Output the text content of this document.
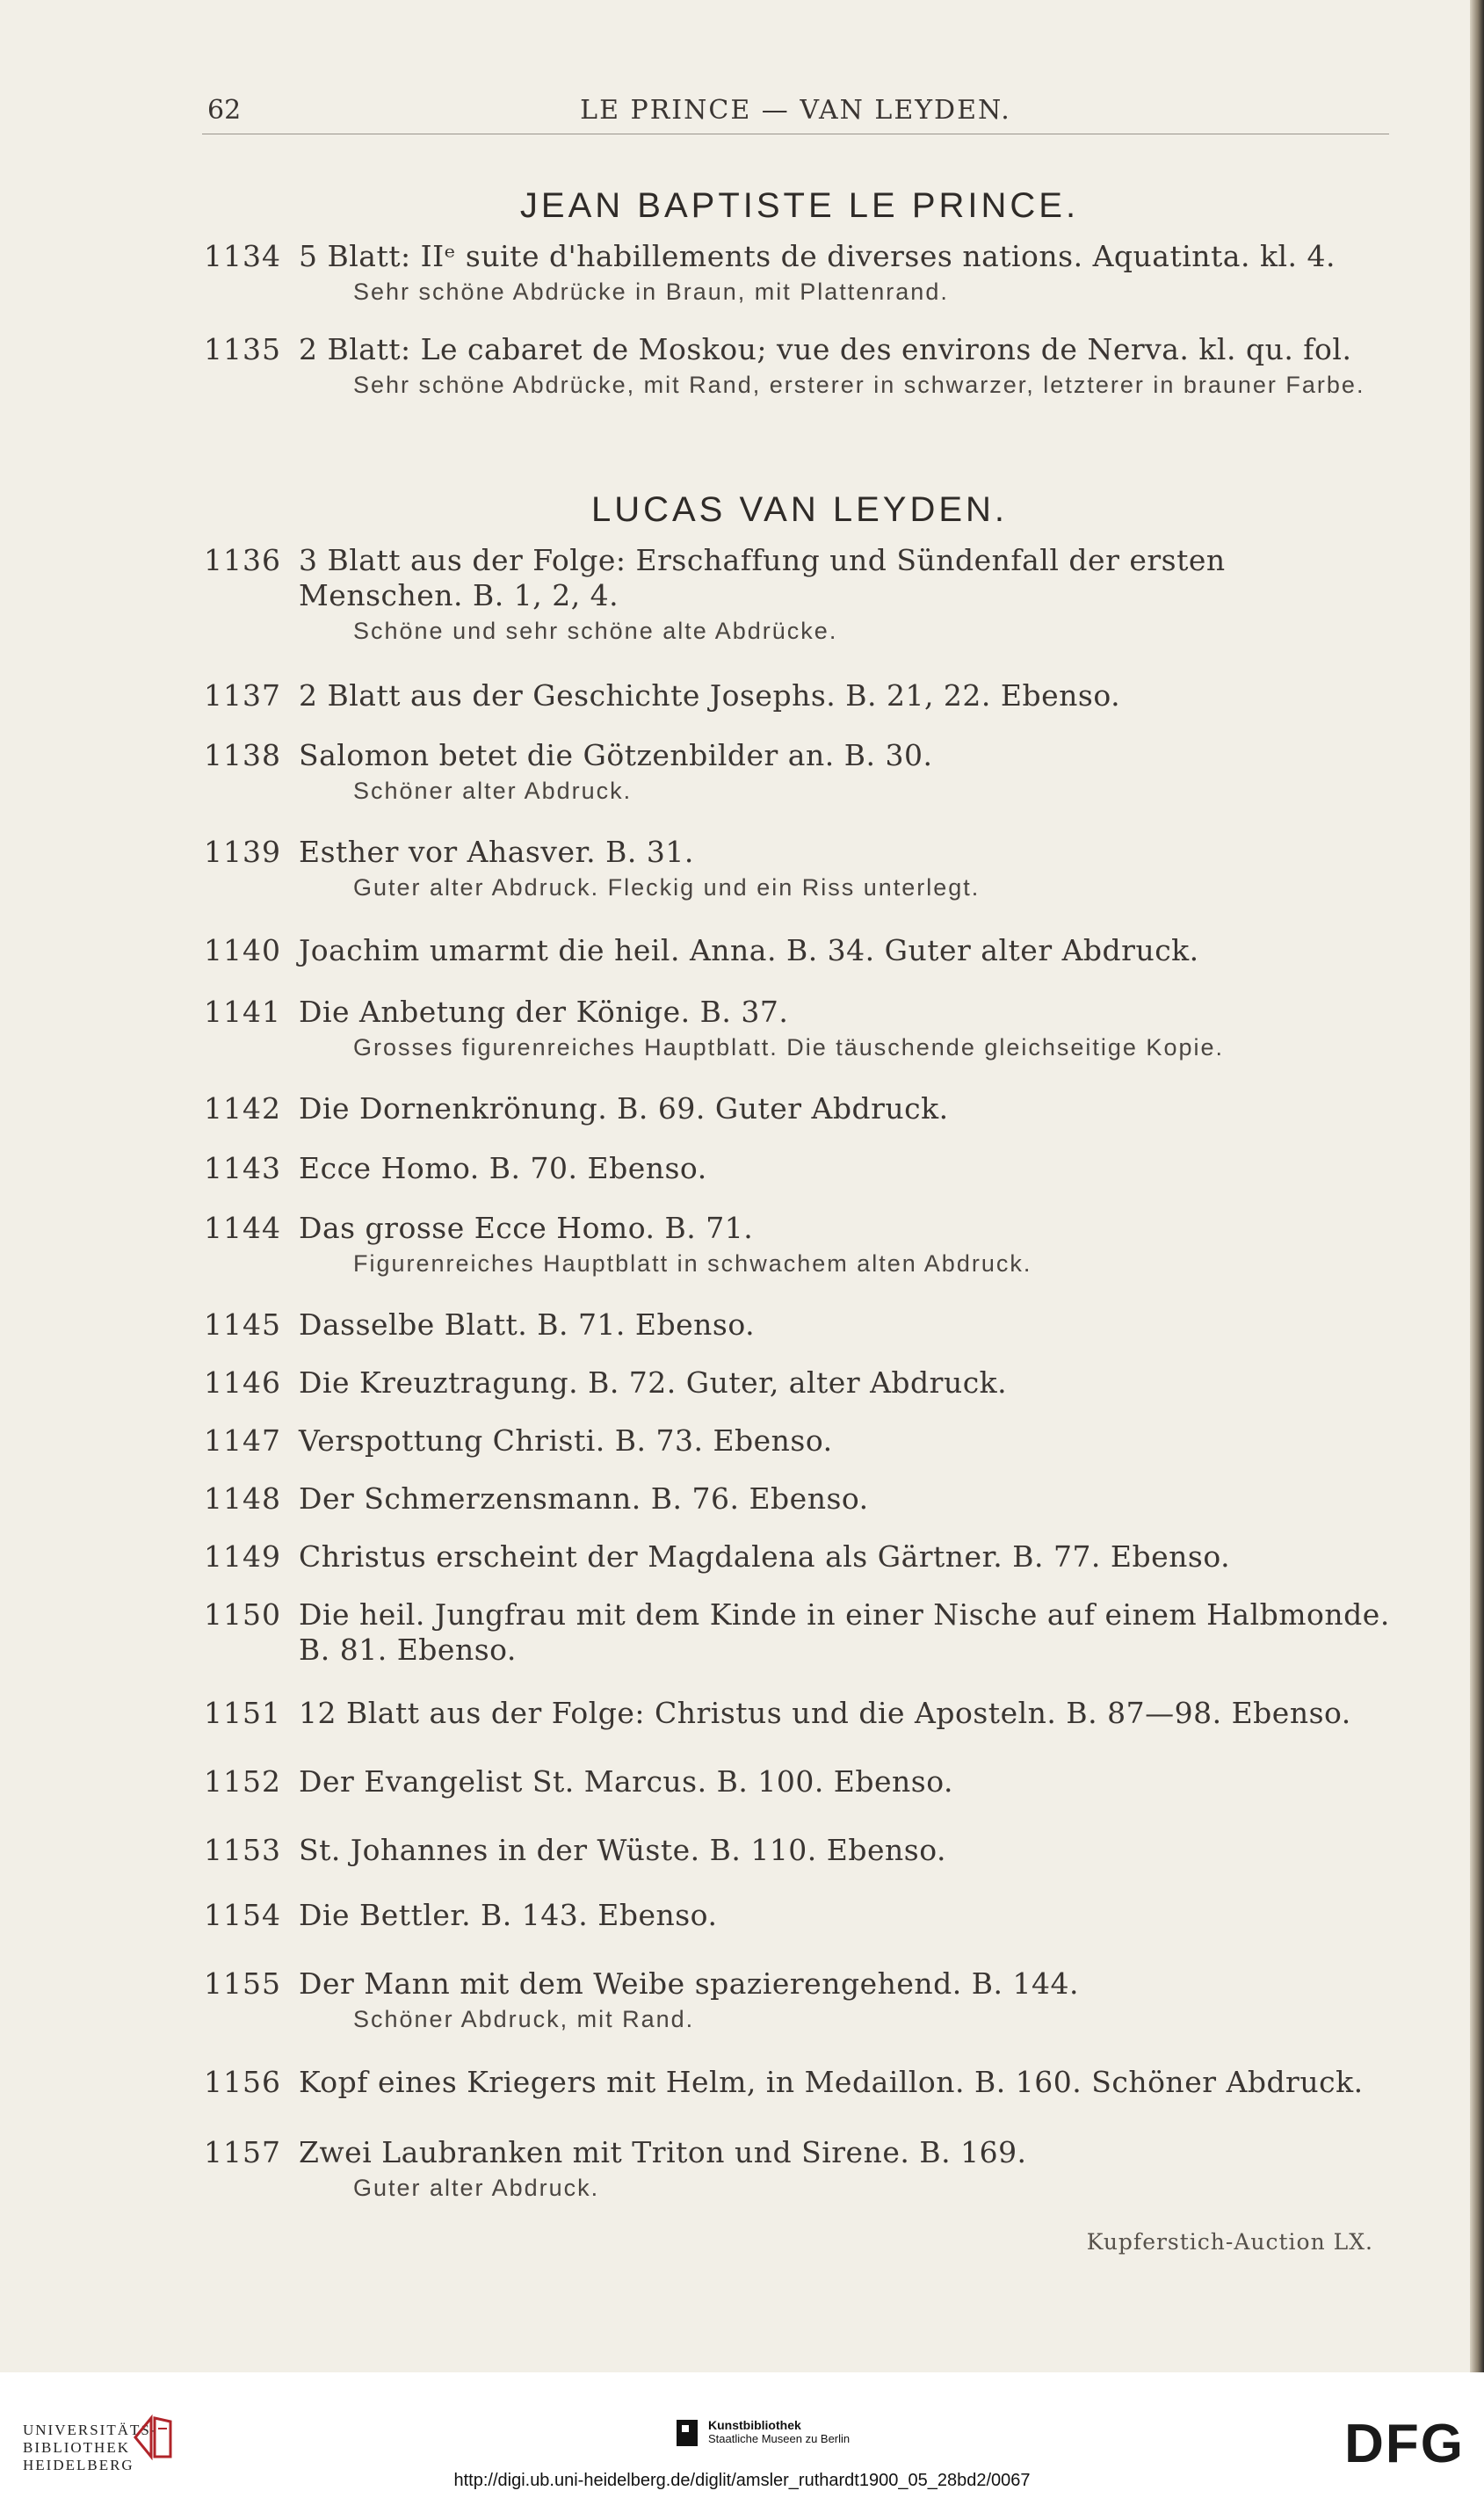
62	LE PRINCE — VAN LEYDEN.
JEAN BAPTISTE LE PRINCE.
1134 5 Blatt: IIᵉ suite d'habillements de diverses nations. Aquatinta. kl. 4.
Sehr schöne Abdrücke in Braun, mit Plattenrand.
1135 2 Blatt: Le cabaret de Moskou; vue des environs de Nerva. kl. qu. fol.
Sehr schöne Abdrücke, mit Rand, ersterer in schwarzer, letzterer in brauner Farbe.
LUCAS VAN LEYDEN.
1136 3 Blatt aus der Folge: Erschaffung und Sündenfall der ersten Menschen. B. 1, 2, 4.
Schöne und sehr schöne alte Abdrücke.
1137 2 Blatt aus der Geschichte Josephs. B. 21, 22. Ebenso.
1138 Salomon betet die Götzenbilder an. B. 30.
Schöner alter Abdruck.
1139 Esther vor Ahasver. B. 31.
Guter alter Abdruck. Fleckig und ein Riss unterlegt.
1140 Joachim umarmt die heil. Anna. B. 34. Guter alter Abdruck.
1141 Die Anbetung der Könige. B. 37.
Grosses figurenreiches Hauptblatt. Die täuschende gleichseitige Kopie.
1142 Die Dornenkrönung. B. 69. Guter Abdruck.
1143 Ecce Homo. B. 70. Ebenso.
1144 Das grosse Ecce Homo. B. 71.
Figurenreiches Hauptblatt in schwachem alten Abdruck.
1145 Dasselbe Blatt. B. 71. Ebenso.
1146 Die Kreuztragung. B. 72. Guter, alter Abdruck.
1147 Verspottung Christi. B. 73. Ebenso.
1148 Der Schmerzensmann. B. 76. Ebenso.
1149 Christus erscheint der Magdalena als Gärtner. B. 77. Ebenso.
1150 Die heil. Jungfrau mit dem Kinde in einer Nische auf einem Halbmonde. B. 81. Ebenso.
1151 12 Blatt aus der Folge: Christus und die Aposteln. B. 87—98. Ebenso.
1152 Der Evangelist St. Marcus. B. 100. Ebenso.
1153 St. Johannes in der Wüste. B. 110. Ebenso.
1154 Die Bettler. B. 143. Ebenso.
1155 Der Mann mit dem Weibe spazierengehend. B. 144.
Schöner Abdruck, mit Rand.
1156 Kopf eines Kriegers mit Helm, in Medaillon. B. 160. Schöner Abdruck.
1157 Zwei Laubranken mit Triton und Sirene. B. 169.
Guter alter Abdruck.
Kupferstich-Auction LX.
UNIVERSITÄTS-
BIBLIOTHEK
HEIDELBERG
Kunstbibliothek
Staatliche Museen zu Berlin	DFG
http://digi.ub.uni-heidelberg.de/diglit/amsler_ruthardt1900_05_28bd2/0067
